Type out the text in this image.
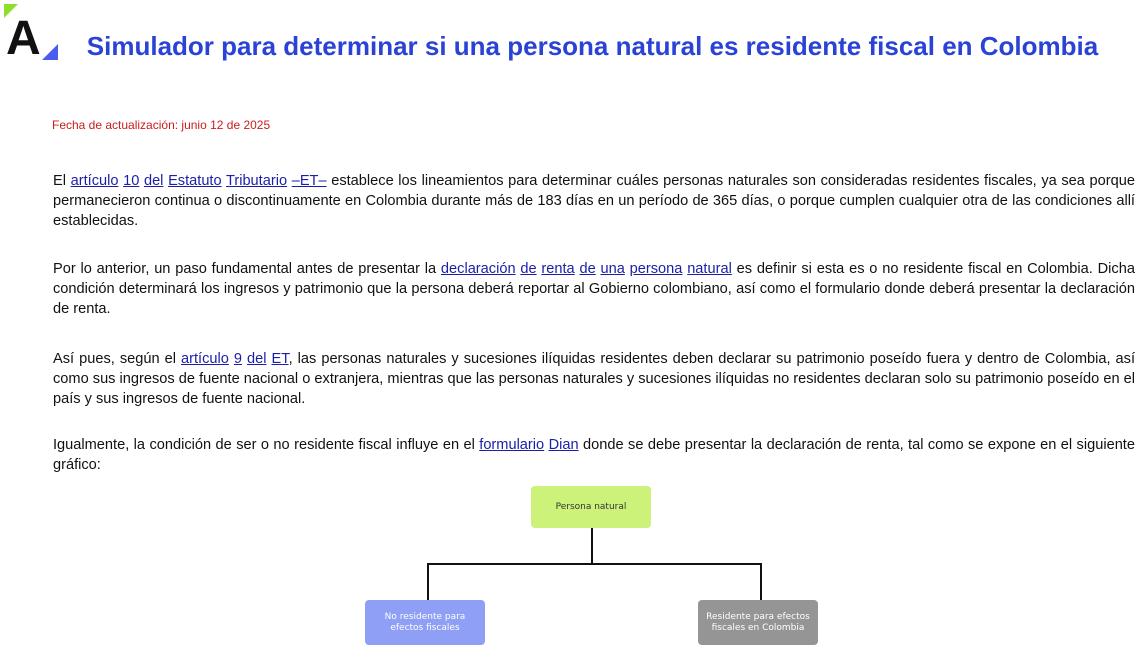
A	Simulador para determinar si una persona natural es residente fiscal en Colombia
Fecha de actualización: junio 12 de 2025

El artículo 10 del Estatuto Tributario –ET– establece los lineamientos para determinar cuáles personas naturales son consideradas residentes fiscales, ya sea porque permanecieron continua o discontinuamente en Colombia durante más de 183 días en un período de 365 días, o porque cumplen cualquier otra de las condiciones allí establecidas.

Por lo anterior, un paso fundamental antes de presentar la declaración de renta de una persona natural es definir si esta es o no residente fiscal en Colombia. Dicha condición determinará los ingresos y patrimonio que la persona deberá reportar al Gobierno colombiano, así como el formulario donde deberá presentar la declaración de renta.

Así pues, según el artículo 9 del ET, las personas naturales y sucesiones ilíquidas residentes deben declarar su patrimonio poseído fuera y dentro de Colombia, así como sus ingresos de fuente nacional o extranjera, mientras que las personas naturales y sucesiones ilíquidas no residentes declaran solo su patrimonio poseído en el país y sus ingresos de fuente nacional.

Igualmente, la condición de ser o no residente fiscal influye en el formulario Dian donde se debe presentar la declaración de renta, tal como se expone en el siguiente gráfico:

Persona natural
No residente para efectos fiscales
Residente para efectos fiscales en Colombia
